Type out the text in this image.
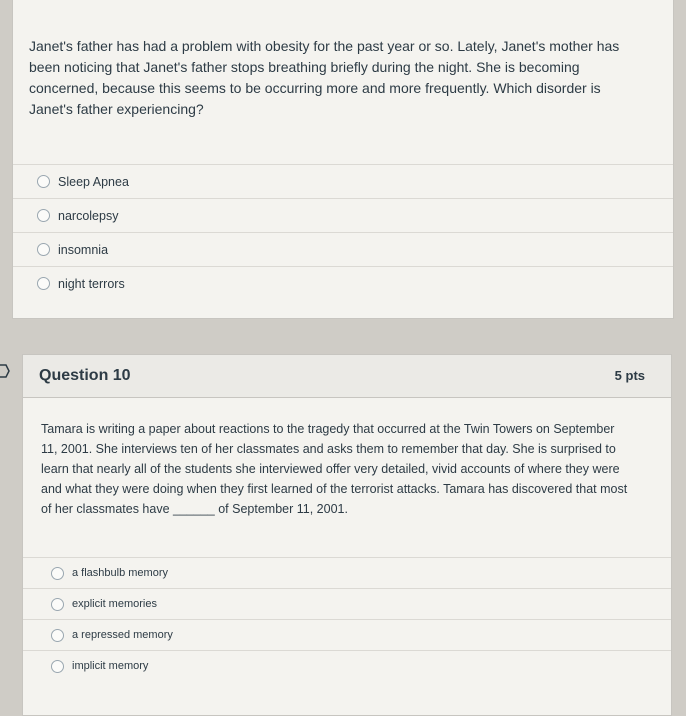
Janet's father has had a problem with obesity for the past year or so. Lately, Janet's mother has been noticing that Janet's father stops breathing briefly during the night. She is becoming concerned, because this seems to be occurring more and more frequently. Which disorder is Janet's father experiencing?
Sleep Apnea
narcolepsy
insomnia
night terrors
Question 10	5 pts
Tamara is writing a paper about reactions to the tragedy that occurred at the Twin Towers on September 11, 2001. She interviews ten of her classmates and asks them to remember that day. She is surprised to learn that nearly all of the students she interviewed offer very detailed, vivid accounts of where they were and what they were doing when they first learned of the terrorist attacks. Tamara has discovered that most of her classmates have ______ of September 11, 2001.
a flashbulb memory
explicit memories
a repressed memory
implicit memory
